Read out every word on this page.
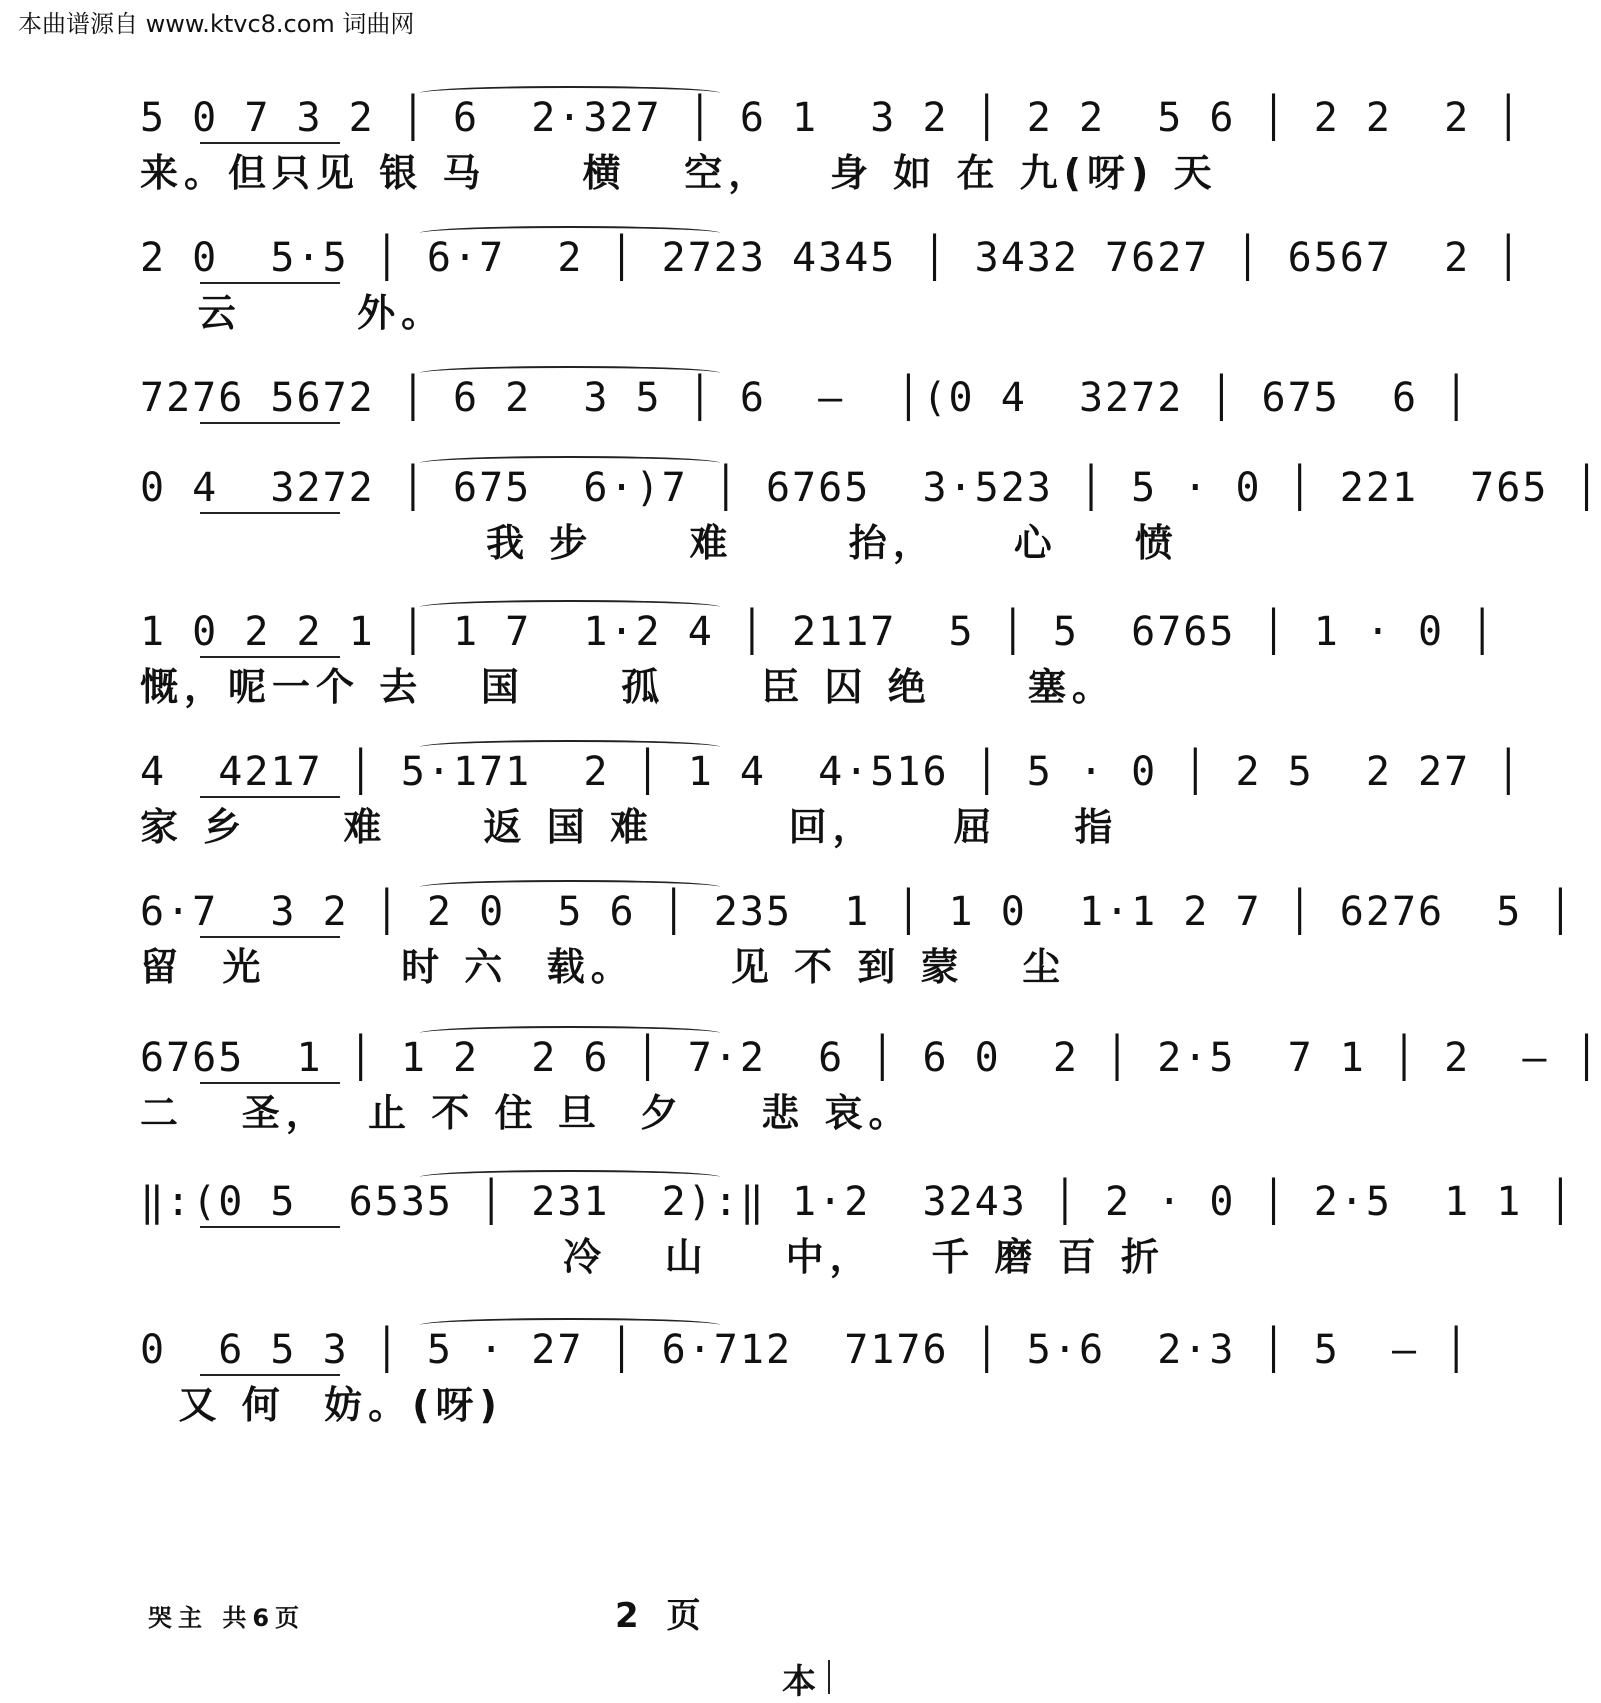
本曲谱源自 www.ktvc8.com 词曲网
5 0 7 3 2 │ 6  2·327 │ 6 1  3 2 │ 2 2  5 6 │ 2 2  2 │
来。但只见 银 马     横   空，   身 如 在 九(呀) 天
2 0  5·5 │ 6·7  2 │ 2723 4345 │ 3432 7627 │ 6567  2 │
云      外。
7276 5672 │ 6 2  3 5 │ 6  —  │(0 4  3272 │ 675  6 │
0 4  3272 │ 675  6·)7 │ 6765  3·523 │ 5 · 0 │ 221  765 │
我 步     难      抬，    心    愤
1 0 2 2 1 │ 1 7  1·2 4 │ 2117  5 │ 5  6765 │ 1 · 0 │
慨，呢一个 去   国     孤     臣 囚 绝     塞。
4  4217 │ 5·171  2 │ 1 4  4·516 │ 5 · 0 │ 2 5  2 27 │
家 乡     难     返 国 难       回，    屈    指
6·7  3 2 │ 2 0  5 6 │ 235  1 │ 1 0  1·1 2 7 │ 6276  5 │
留  光       时 六  载。     见 不 到 蒙   尘
6765  1 │ 1 2  2 6 │ 7·2  6 │ 6 0  2 │ 2·5  7 1 │ 2  — │
二   圣，  止 不 住 旦  夕    悲 哀。
‖:(0 5  6535 │ 231  2):‖ 1·2  3243 │ 2 · 0 │ 2·5  1 1 │
冷   山    中，   千 磨 百 折
0  6 5 3 │ 5 · 27 │ 6·712  7176 │ 5·6  2·3 │ 5  — │
又 何  妨。(呀)
哭主 共6页	2 页
本
